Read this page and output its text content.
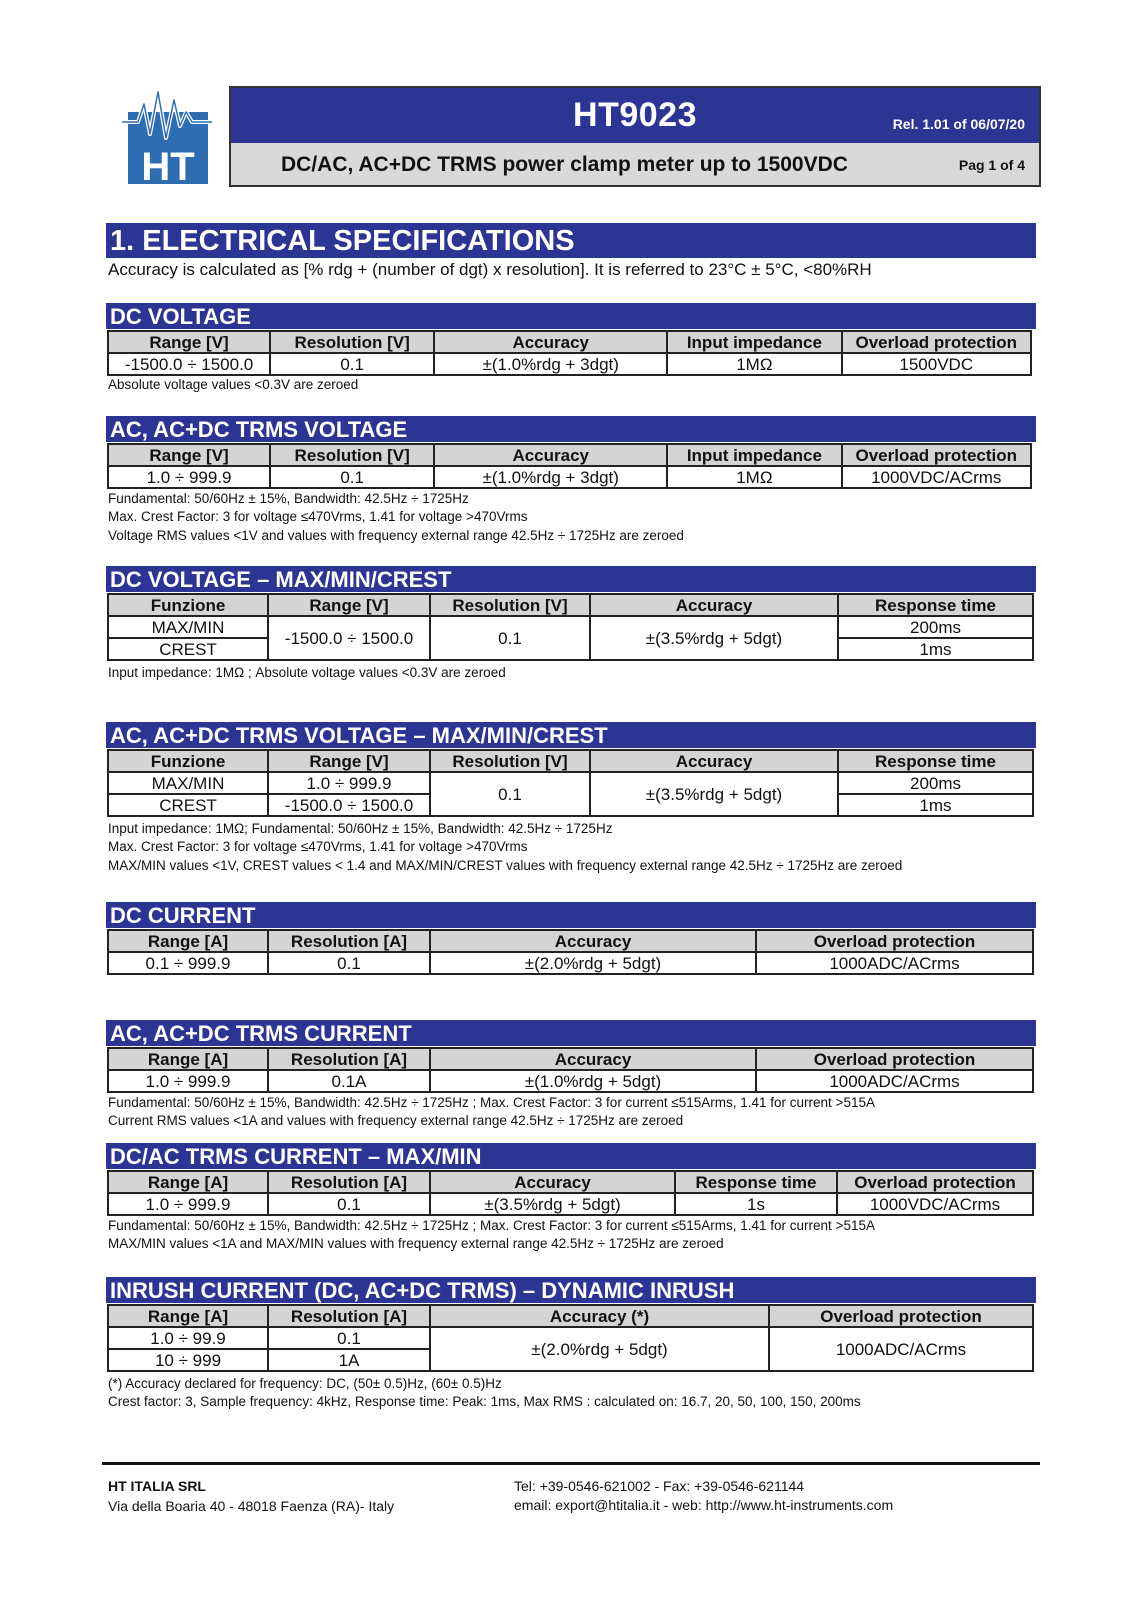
HT
HT9023	Rel. 1.01 of 06/07/20
DC/AC, AC+DC TRMS power clamp meter up to 1500VDC	Pag 1 of 4
1. ELECTRICAL SPECIFICATIONS
Accuracy is calculated as [% rdg + (number of dgt) x resolution]. It is referred to 23°C ± 5°C, <80%RH
DC VOLTAGE
Range [V]	Resolution [V]	Accuracy	Input impedance	Overload protection
-1500.0 ÷ 1500.0	0.1	±(1.0%rdg + 3dgt)	1MΩ	1500VDC
Absolute voltage values <0.3V are zeroed
AC, AC+DC TRMS VOLTAGE
Range [V]	Resolution [V]	Accuracy	Input impedance	Overload protection
1.0 ÷ 999.9	0.1	±(1.0%rdg + 3dgt)	1MΩ	1000VDC/ACrms
Fundamental: 50/60Hz ± 15%, Bandwidth: 42.5Hz ÷ 1725Hz
Max. Crest Factor: 3 for voltage ≤470Vrms, 1.41 for voltage >470Vrms
Voltage RMS values <1V and values with frequency external range 42.5Hz ÷ 1725Hz are zeroed
DC VOLTAGE – MAX/MIN/CREST
Funzione	Range [V]	Resolution [V]	Accuracy	Response time
MAX/MIN	-1500.0 ÷ 1500.0	0.1	±(3.5%rdg + 5dgt)	200ms
CREST				1ms
Input impedance: 1MΩ ; Absolute voltage values <0.3V are zeroed
AC, AC+DC TRMS VOLTAGE – MAX/MIN/CREST
Funzione	Range [V]	Resolution [V]	Accuracy	Response time
MAX/MIN	1.0 ÷ 999.9	0.1	±(3.5%rdg + 5dgt)	200ms
CREST	-1500.0 ÷ 1500.0			1ms
Input impedance: 1MΩ; Fundamental: 50/60Hz ± 15%, Bandwidth: 42.5Hz ÷ 1725Hz
Max. Crest Factor: 3 for voltage ≤470Vrms, 1.41 for voltage >470Vrms
MAX/MIN values <1V, CREST values < 1.4 and MAX/MIN/CREST values with frequency external range 42.5Hz ÷ 1725Hz are zeroed
DC CURRENT
Range [A]	Resolution [A]	Accuracy	Overload protection
0.1 ÷ 999.9	0.1	±(2.0%rdg + 5dgt)	1000ADC/ACrms
AC, AC+DC TRMS CURRENT
Range [A]	Resolution [A]	Accuracy	Overload protection
1.0 ÷ 999.9	0.1A	±(1.0%rdg + 5dgt)	1000ADC/ACrms
Fundamental: 50/60Hz ± 15%, Bandwidth: 42.5Hz ÷ 1725Hz ; Max. Crest Factor: 3 for current ≤515Arms, 1.41 for current >515A
Current RMS values <1A and values with frequency external range 42.5Hz ÷ 1725Hz are zeroed
DC/AC TRMS CURRENT – MAX/MIN
Range [A]	Resolution [A]	Accuracy	Response time	Overload protection
1.0 ÷ 999.9	0.1	±(3.5%rdg + 5dgt)	1s	1000VDC/ACrms
Fundamental: 50/60Hz ± 15%, Bandwidth: 42.5Hz ÷ 1725Hz ; Max. Crest Factor: 3 for current ≤515Arms, 1.41 for current >515A
MAX/MIN values <1A and MAX/MIN values with frequency external range 42.5Hz ÷ 1725Hz are zeroed
INRUSH CURRENT (DC, AC+DC TRMS) – DYNAMIC INRUSH
Range [A]	Resolution [A]	Accuracy (*)	Overload protection
1.0 ÷ 99.9	0.1	±(2.0%rdg + 5dgt)	1000ADC/ACrms
10 ÷ 999	1A		
(*) Accuracy declared for frequency: DC, (50± 0.5)Hz, (60± 0.5)Hz
Crest factor: 3, Sample frequency: 4kHz, Response time: Peak: 1ms, Max RMS : calculated on: 16.7, 20, 50, 100, 150, 200ms
HT ITALIA SRL
Via della Boaria 40 - 48018 Faenza (RA)- Italy
Tel: +39-0546-621002 - Fax: +39-0546-621144
email: export@htitalia.it - web: http://www.ht-instruments.com
